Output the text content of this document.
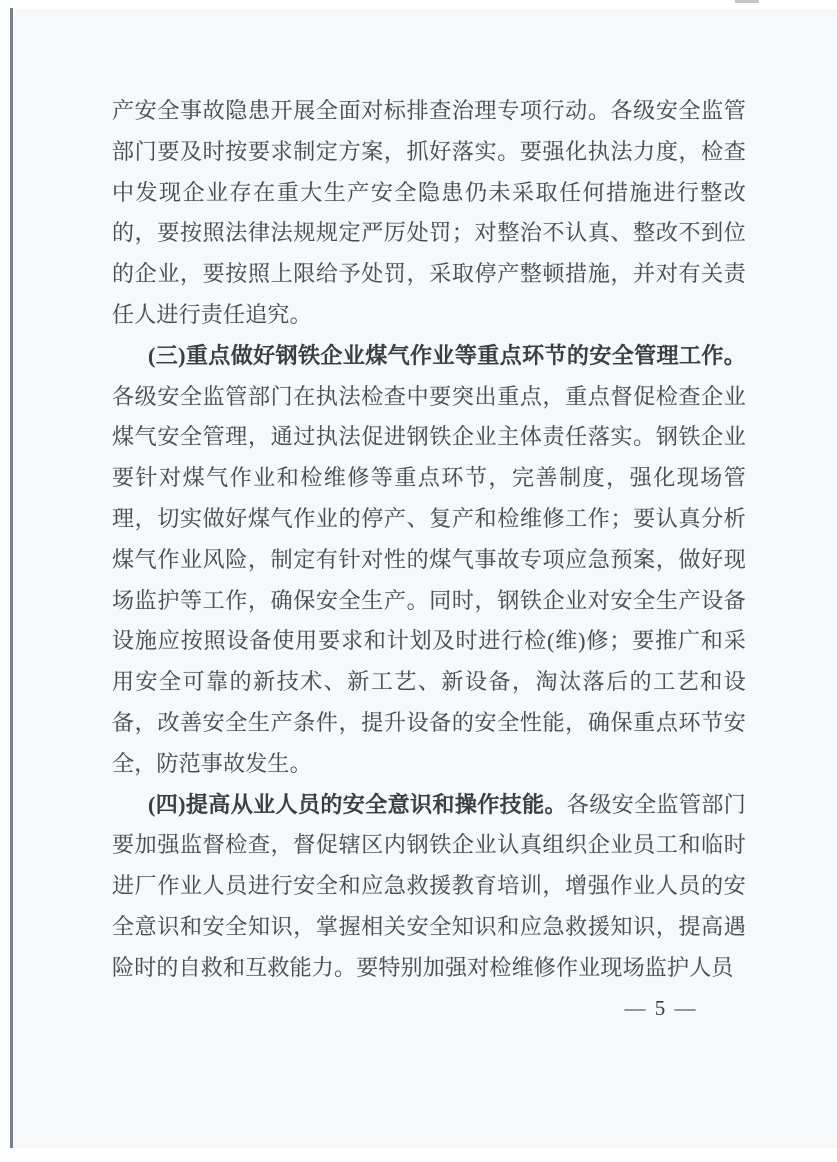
产安全事故隐患开展全面对标排查治理专项行动。各级安全监管部门要及时按要求制定方案，抓好落实。要强化执法力度，检查中发现企业存在重大生产安全隐患仍未采取任何措施进行整改的，要按照法律法规规定严厉处罚；对整治不认真、整改不到位的企业，要按照上限给予处罚，采取停产整顿措施，并对有关责任人进行责任追究。

(三)重点做好钢铁企业煤气作业等重点环节的安全管理工作。各级安全监管部门在执法检查中要突出重点，重点督促检查企业煤气安全管理，通过执法促进钢铁企业主体责任落实。钢铁企业要针对煤气作业和检维修等重点环节，完善制度，强化现场管理，切实做好煤气作业的停产、复产和检维修工作；要认真分析煤气作业风险，制定有针对性的煤气事故专项应急预案，做好现场监护等工作，确保安全生产。同时，钢铁企业对安全生产设备设施应按照设备使用要求和计划及时进行检(维)修；要推广和采用安全可靠的新技术、新工艺、新设备，淘汰落后的工艺和设备，改善安全生产条件，提升设备的安全性能，确保重点环节安全，防范事故发生。

(四)提高从业人员的安全意识和操作技能。各级安全监管部门要加强监督检查，督促辖区内钢铁企业认真组织企业员工和临时进厂作业人员进行安全和应急救援教育培训，增强作业人员的安全意识和安全知识，掌握相关安全知识和应急救援知识，提高遇险时的自救和互救能力。要特别加强对检维修作业现场监护人员

— 5 —
